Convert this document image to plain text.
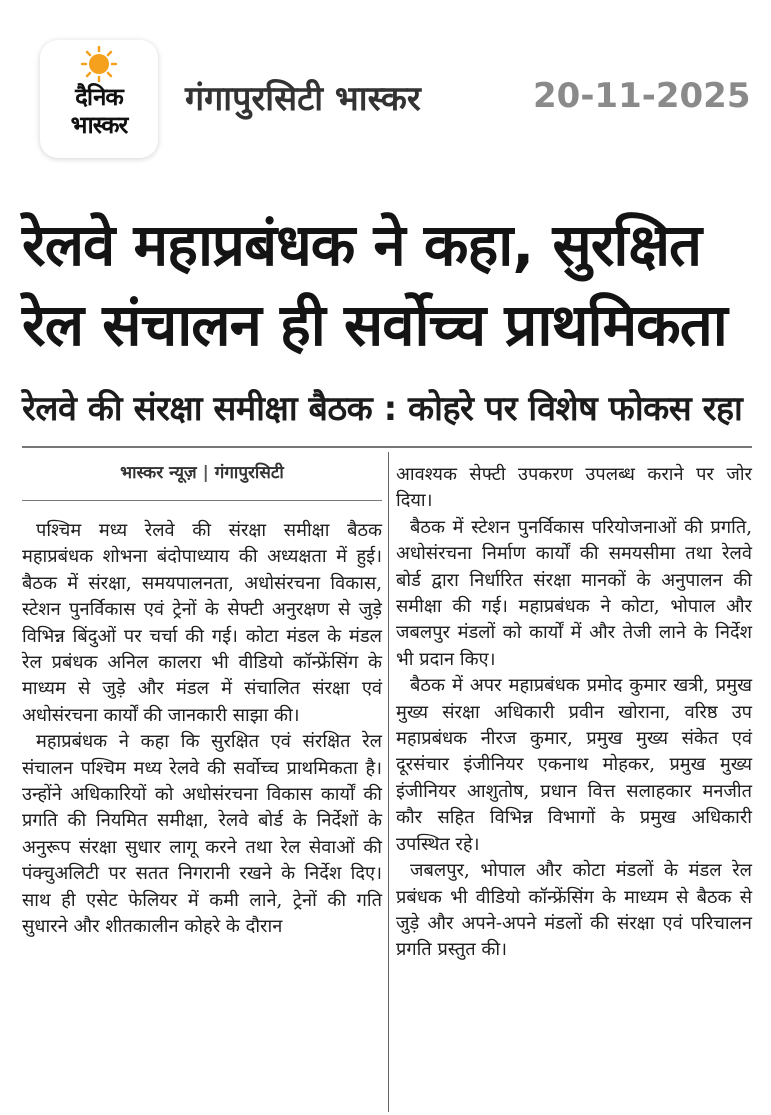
दैनिक
भास्कर
गंगापुरसिटी भास्कर	20-11-2025
रेलवे महाप्रबंधक ने कहा, सुरक्षित रेल संचालन ही सर्वोच्च प्राथमिकता
रेलवे की संरक्षा समीक्षा बैठक : कोहरे पर विशेष फोकस रहा
भास्कर न्यूज़ | गंगापुरसिटी

पश्चिम मध्य रेलवे की संरक्षा समीक्षा बैठक महाप्रबंधक शोभना बंदोपाध्याय की अध्यक्षता में हुई। बैठक में संरक्षा, समयपालनता, अधोसंरचना विकास, स्टेशन पुनर्विकास एवं ट्रेनों के सेफ्टी अनुरक्षण से जुड़े विभिन्न बिंदुओं पर चर्चा की गई। कोटा मंडल के मंडल रेल प्रबंधक अनिल कालरा भी वीडियो कॉन्फ्रेंसिंग के माध्यम से जुड़े और मंडल में संचालित संरक्षा एवं अधोसंरचना कार्यों की जानकारी साझा की।

महाप्रबंधक ने कहा कि सुरक्षित एवं संरक्षित रेल संचालन पश्चिम मध्य रेलवे की सर्वोच्च प्राथमिकता है। उन्होंने अधिकारियों को अधोसंरचना विकास कार्यों की प्रगति की नियमित समीक्षा, रेलवे बोर्ड के निर्देशों के अनुरूप संरक्षा सुधार लागू करने तथा रेल सेवाओं की पंक्चुअलिटी पर सतत निगरानी रखने के निर्देश दिए। साथ ही एसेट फेलियर में कमी लाने, ट्रेनों की गति सुधारने और शीतकालीन कोहरे के दौरान

आवश्यक सेफ्टी उपकरण उपलब्ध कराने पर जोर दिया।

बैठक में स्टेशन पुनर्विकास परियोजनाओं की प्रगति, अधोसंरचना निर्माण कार्यों की समयसीमा तथा रेलवे बोर्ड द्वारा निर्धारित संरक्षा मानकों के अनुपालन की समीक्षा की गई। महाप्रबंधक ने कोटा, भोपाल और जबलपुर मंडलों को कार्यों में और तेजी लाने के निर्देश भी प्रदान किए।

बैठक में अपर महाप्रबंधक प्रमोद कुमार खत्री, प्रमुख मुख्य संरक्षा अधिकारी प्रवीन खोराना, वरिष्ठ उप महाप्रबंधक नीरज कुमार, प्रमुख मुख्य संकेत एवं दूरसंचार इंजीनियर एकनाथ मोहकर, प्रमुख मुख्य इंजीनियर आशुतोष, प्रधान वित्त सलाहकार मनजीत कौर सहित विभिन्न विभागों के प्रमुख अधिकारी उपस्थित रहे।

जबलपुर, भोपाल और कोटा मंडलों के मंडल रेल प्रबंधक भी वीडियो कॉन्फ्रेंसिंग के माध्यम से बैठक से जुड़े और अपने-अपने मंडलों की संरक्षा एवं परिचालन प्रगति प्रस्तुत की।
